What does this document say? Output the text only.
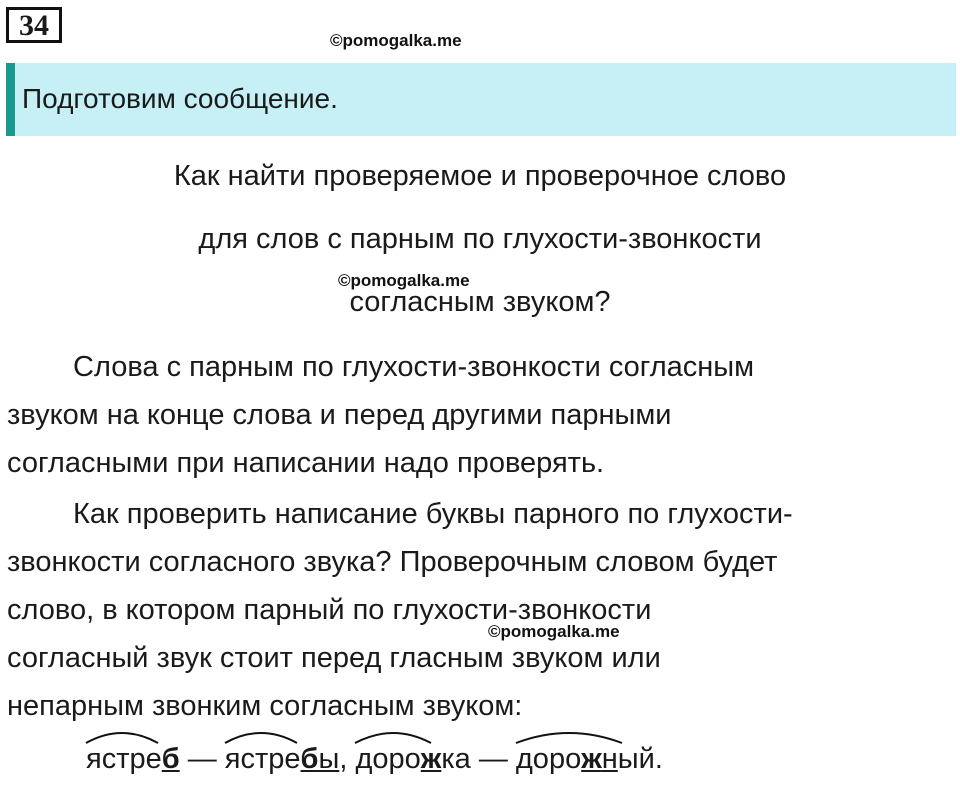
34	©pomogalka.me
Подготовим сообщение.
Как найти проверяемое и проверочное слово
для слов с парным по глухости-звонкости
©pomogalka.me
согласным звуком?
Слова с парным по глухости-звонкости согласным
звуком на конце слова и перед другими парными
согласными при написании надо проверять.
Как проверить написание буквы парного по глухости-
звонкости согласного звука? Проверочным словом будет
слово, в котором парный по глухости-звонкости
©pomogalka.me
согласный звук стоит перед гласным звуком или
непарным звонким согласным звуком:
ястреб —
ястребы,
дорожка —
дорожный.
